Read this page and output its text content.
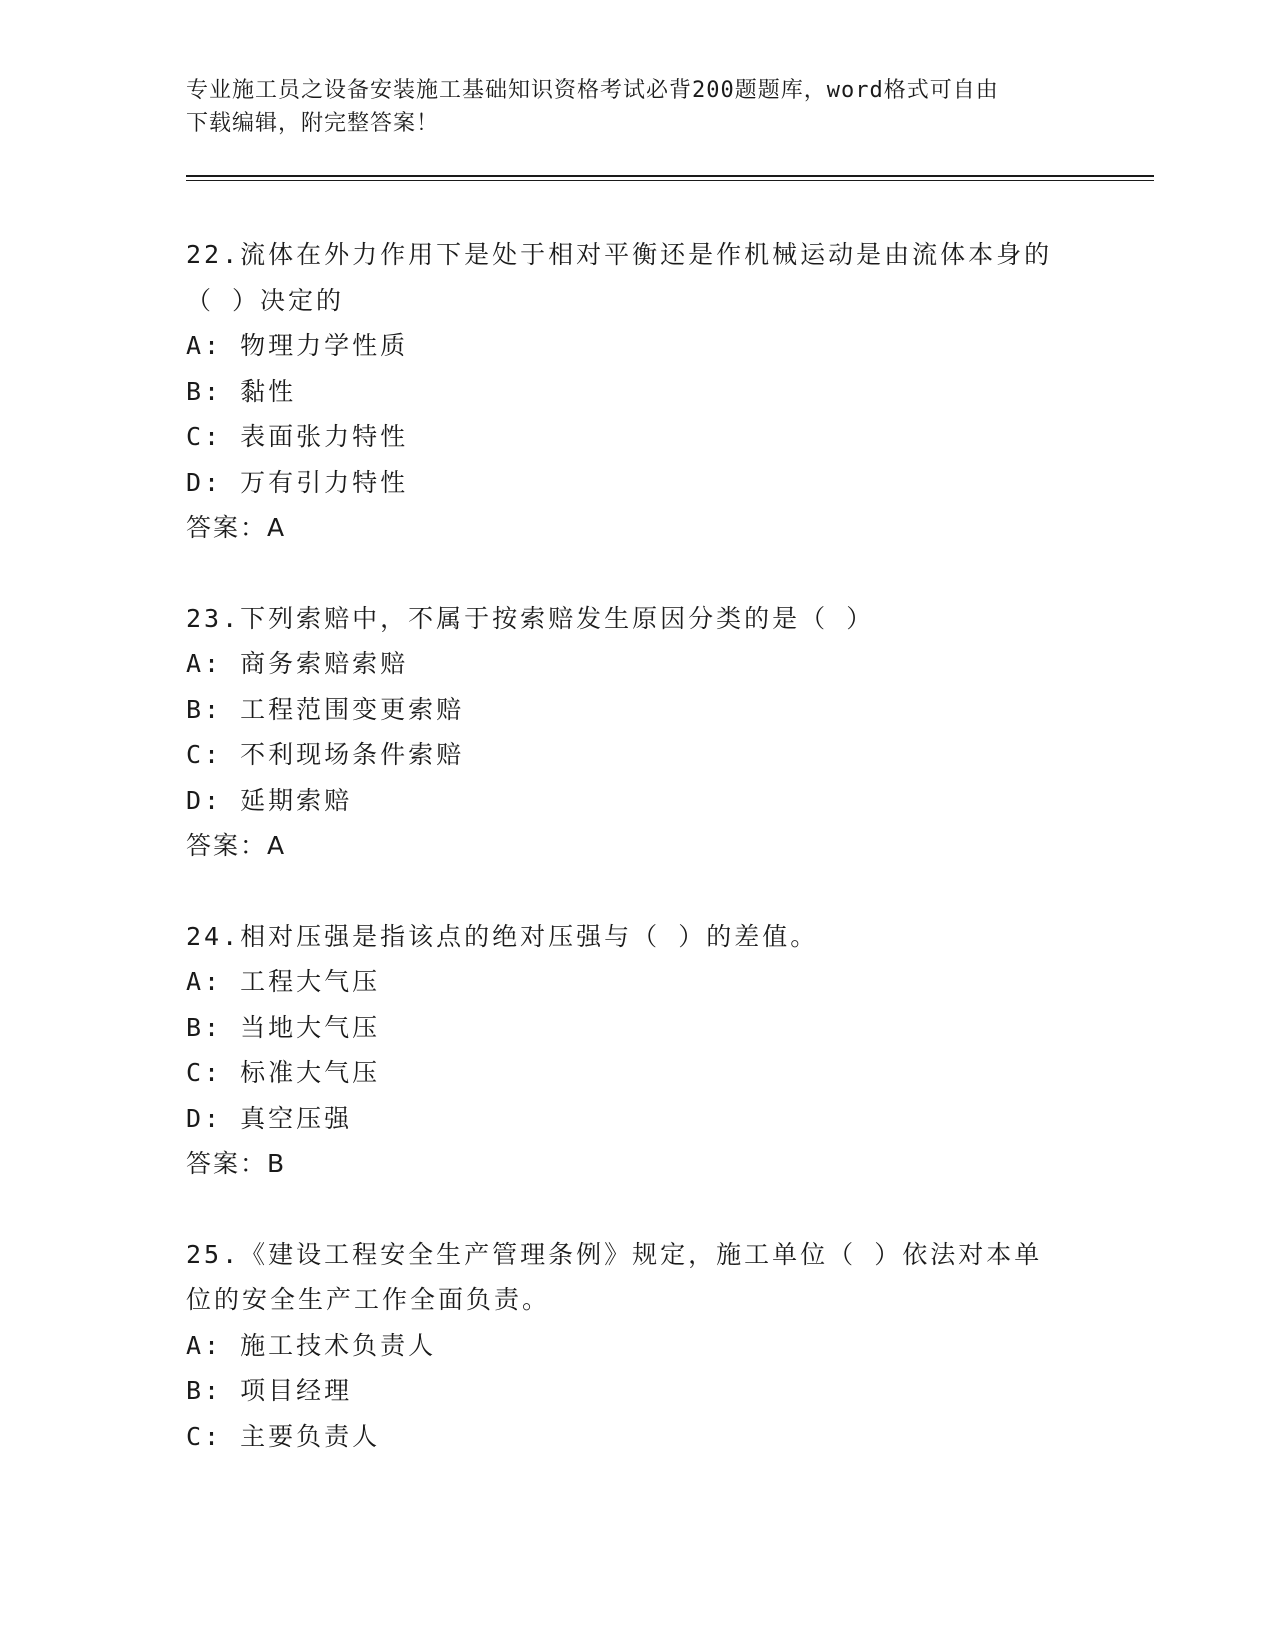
专业施工员之设备安装施工基础知识资格考试必背200题题库，word格式可自由

下载编辑，附完整答案！

22.流体在外力作用下是处于相对平衡还是作机械运动是由流体本身的

（ ）决定的

A: 物理力学性质

B: 黏性

C: 表面张力特性

D: 万有引力特性

答案：A

23.下列索赔中，不属于按索赔发生原因分类的是（ ）

A: 商务索赔索赔

B: 工程范围变更索赔

C: 不利现场条件索赔

D: 延期索赔

答案：A

24.相对压强是指该点的绝对压强与（ ）的差值。

A: 工程大气压

B: 当地大气压

C: 标准大气压

D: 真空压强

答案：B

25.《建设工程安全生产管理条例》规定，施工单位（ ）依法对本单

位的安全生产工作全面负责。

A: 施工技术负责人

B: 项目经理

C: 主要负责人
